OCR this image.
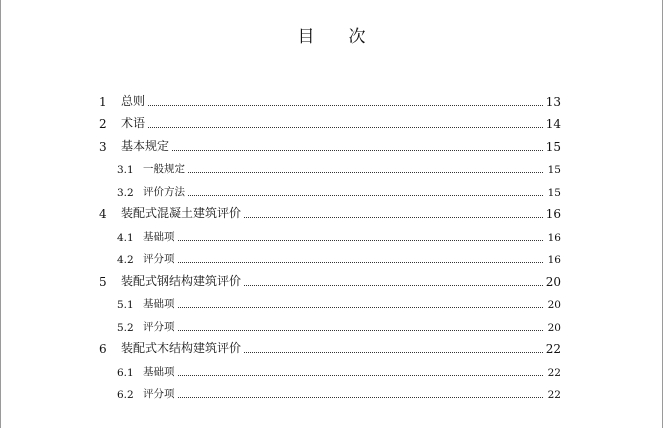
目 次
1	总则	13
2	术语	14
3	基本规定	15
3.1 一般规定	15
3.2 评价方法	15
4	装配式混凝土建筑评价	16
4.1 基础项	16
4.2 评分项	16
5	装配式钢结构建筑评价	20
5.1 基础项	20
5.2 评分项	20
6	装配式木结构建筑评价	22
6.1 基础项	22
6.2 评分项	22
